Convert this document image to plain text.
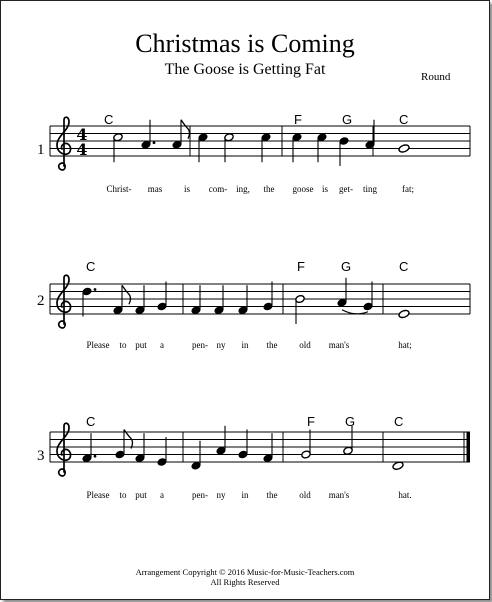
Christmas is Coming
The Goose is Getting Fat	Round
1
C	F	G	C
Christ- mas is com- ing, the goose is get- ting	fat;
2
C	F	G	C
Please to put a	pen- ny in the old man's	hat;
3
C	F G	C
Please to put a	pen- ny in the old man's	hat.
Arrangement Copyright © 2016 Music-for-Music-Teachers.com
All Rights Reserved
4
4
